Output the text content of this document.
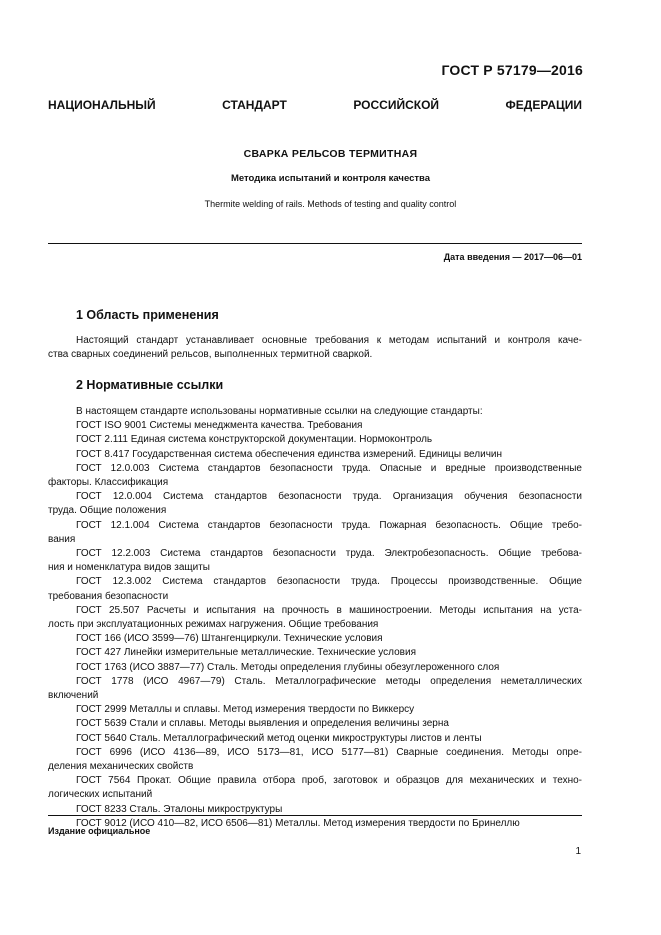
ГОСТ Р 57179—2016
НАЦИОНАЛЬНЫЙ СТАНДАРТ РОССИЙСКОЙ ФЕДЕРАЦИИ
СВАРКА РЕЛЬСОВ ТЕРМИТНАЯ
Методика испытаний и контроля качества
Thermite welding of rails. Methods of testing and quality control
Дата введения — 2017—06—01
1 Область применения
Настоящий стандарт устанавливает основные требования к методам испытаний и контроля каче-
ства сварных соединений рельсов, выполненных термитной сваркой.
2 Нормативные ссылки
В настоящем стандарте использованы нормативные ссылки на следующие стандарты:
ГОСТ ISO 9001 Системы менеджмента качества. Требования
ГОСТ 2.111 Единая система конструкторской документации. Нормоконтроль
ГОСТ 8.417 Государственная система обеспечения единства измерений. Единицы величин
ГОСТ 12.0.003 Система стандартов безопасности труда. Опасные и вредные производственные
факторы. Классификация
ГОСТ 12.0.004 Система стандартов безопасности труда. Организация обучения безопасности
труда. Общие положения
ГОСТ 12.1.004 Система стандартов безопасности труда. Пожарная безопасность. Общие требо-
вания
ГОСТ 12.2.003 Система стандартов безопасности труда. Электробезопасность. Общие требова-
ния и номенклатура видов защиты
ГОСТ 12.3.002 Система стандартов безопасности труда. Процессы производственные. Общие
требования безопасности
ГОСТ 25.507 Расчеты и испытания на прочность в машиностроении. Методы испытания на уста-
лость при эксплуатационных режимах нагружения. Общие требования
ГОСТ 166 (ИСО 3599—76) Штангенциркули. Технические условия
ГОСТ 427 Линейки измерительные металлические. Технические условия
ГОСТ 1763 (ИСО 3887—77) Сталь. Методы определения глубины обезуглероженного слоя
ГОСТ 1778 (ИСО 4967—79) Сталь. Металлографические методы определения неметаллических
включений
ГОСТ 2999 Металлы и сплавы. Метод измерения твердости по Виккерсу
ГОСТ 5639 Стали и сплавы. Методы выявления и определения величины зерна
ГОСТ 5640 Сталь. Металлографический метод оценки микроструктуры листов и ленты
ГОСТ 6996 (ИСО 4136—89, ИСО 5173—81, ИСО 5177—81) Сварные соединения. Методы опре-
деления механических свойств
ГОСТ 7564 Прокат. Общие правила отбора проб, заготовок и образцов для механических и техно-
логических испытаний
ГОСТ 8233 Сталь. Эталоны микроструктуры
ГОСТ 9012 (ИСО 410—82, ИСО 6506—81) Металлы. Метод измерения твердости по Бринеллю
Издание официальное
1
